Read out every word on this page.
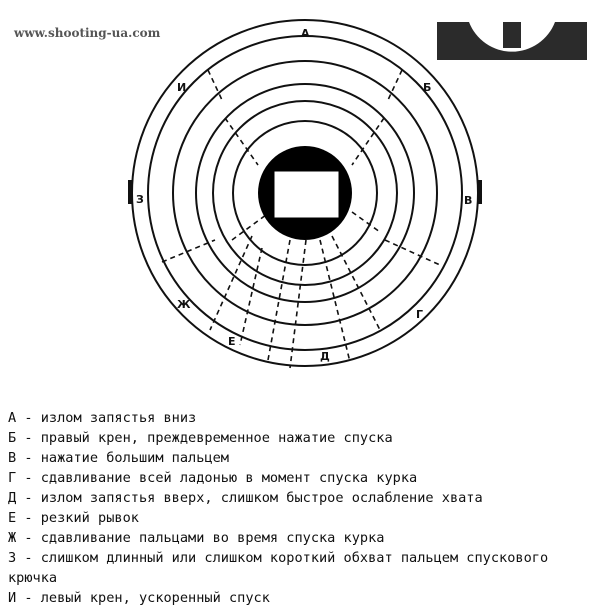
www.shooting-ua.com	А
Б
В
Г
Д
Е
Ж
З
И
А - излом запястья вниз
Б - правый крен, преждевременное нажатие спуска
В - нажатие большим пальцем
Г - сдавливание всей ладонью в момент спуска курка
Д - излом запястья вверх, слишком быстрое ослабление хвата
Е - резкий рывок
Ж - сдавливание пальцами во время спуска курка
З - слишком длинный или слишком короткий обхват пальцем спускового крючка
И - левый крен, ускоренный спуск
